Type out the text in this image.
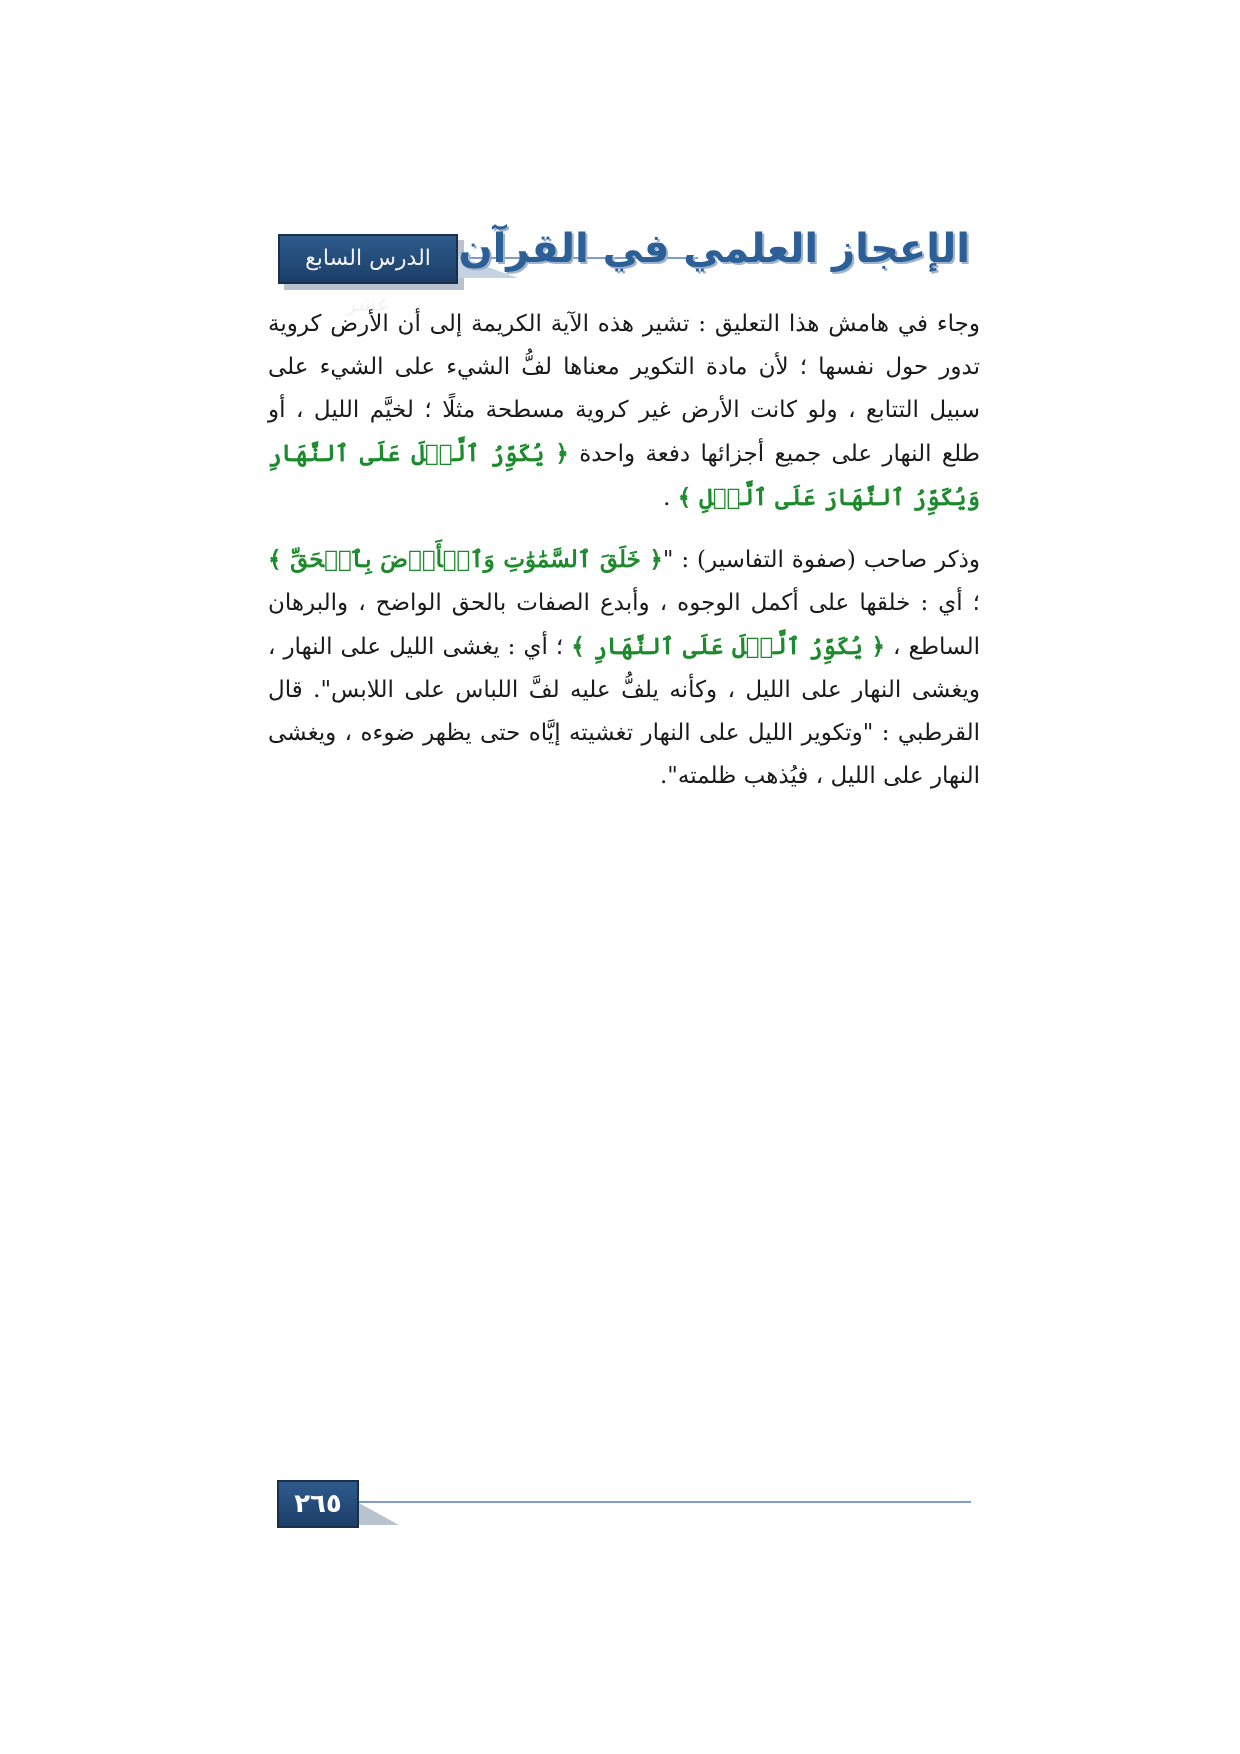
الدرس السابع عشر
الإعجاز العلمي في القرآن

وجاء في هامش هذا التعليق : تشير هذه الآية الكريمة إلى أن الأرض كروية تدور حول نفسها ؛ لأن مادة التكوير معناها لفُّ الشيء على الشيء على سبيل التتابع ، ولو كانت الأرض غير كروية مسطحة مثلًا ؛ لخيَّم الليل ، أو طلع النهار على جميع أجزائها دفعة واحدة ﴿ يُكَوِّرُ ٱلَّيۡلَ عَلَى ٱلنَّهَارِ وَيُكَوِّرُ ٱلنَّهَارَ عَلَى ٱلَّيۡلِ ﴾ .

وذكر صاحب (صفوة التفاسير) : "﴿ خَلَقَ ٱلسَّمَٰوَٰتِ وَٱلۡأَرۡضَ بِٱلۡحَقِّ ﴾ ؛ أي : خلقها على أكمل الوجوه ، وأبدع الصفات بالحق الواضح ، والبرهان الساطع ، ﴿ يُكَوِّرُ ٱلَّيۡلَ عَلَى ٱلنَّهَارِ ﴾ ؛ أي : يغشى الليل على النهار ، ويغشى النهار على الليل ، وكأنه يلفُّ عليه لفَّ اللباس على اللابس". قال القرطبي : "وتكوير الليل على النهار تغشيته إيَّاه حتى يظهر ضوءه ، ويغشى النهار على الليل ، فيُذهب ظلمته".

٢٦٥
